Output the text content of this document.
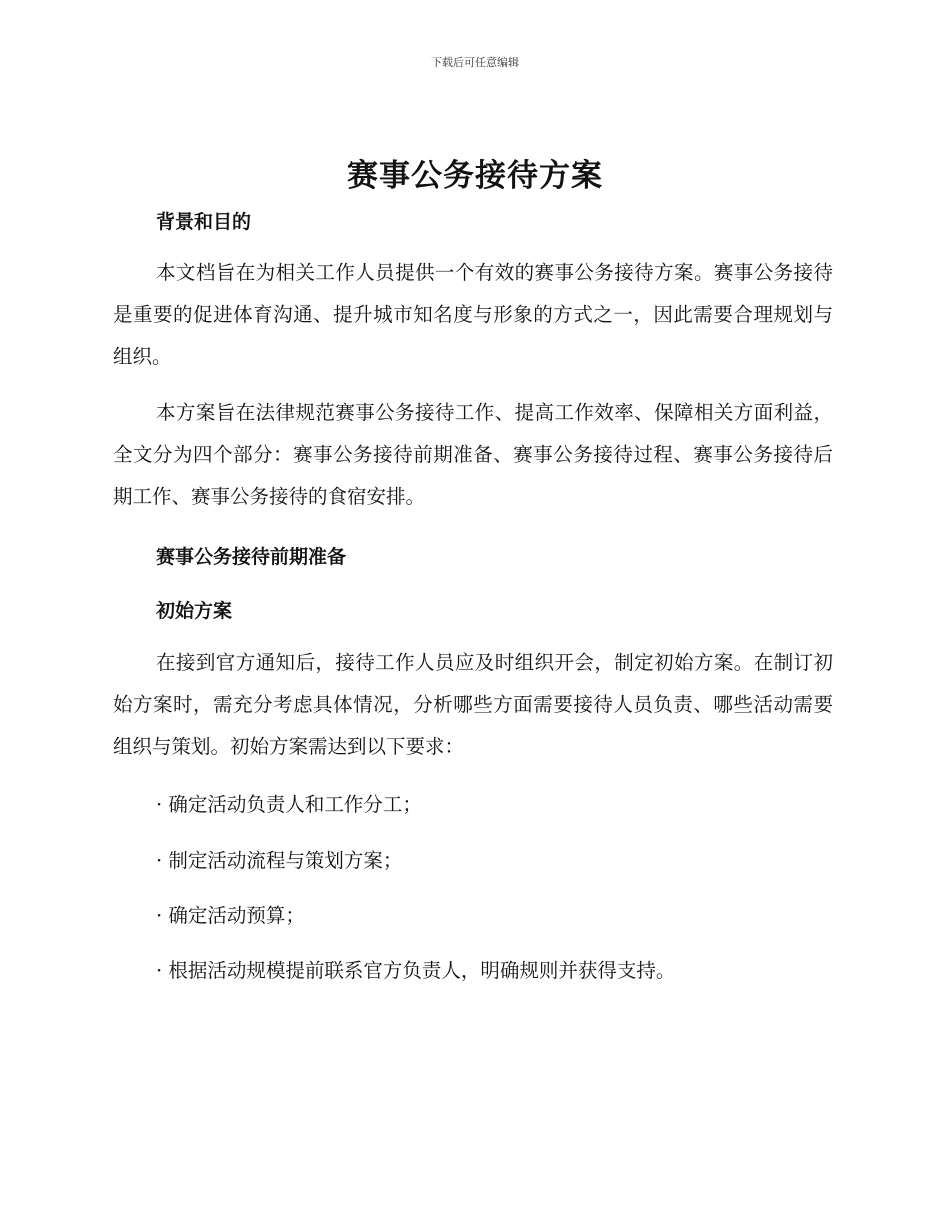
下载后可任意编辑
赛事公务接待方案
背景和目的

本文档旨在为相关工作人员提供一个有效的赛事公务接待方案。赛事公务接待是重要的促进体育沟通、提升城市知名度与形象的方式之一，因此需要合理规划与组织。

本方案旨在法律规范赛事公务接待工作、提高工作效率、保障相关方面利益，全文分为四个部分：赛事公务接待前期准备、赛事公务接待过程、赛事公务接待后期工作、赛事公务接待的食宿安排。

赛事公务接待前期准备
初始方案

在接到官方通知后，接待工作人员应及时组织开会，制定初始方案。在制订初始方案时，需充分考虑具体情况，分析哪些方面需要接待人员负责、哪些活动需要组织与策划。初始方案需达到以下要求：

· 确定活动负责人和工作分工；

· 制定活动流程与策划方案；

· 确定活动预算；

· 根据活动规模提前联系官方负责人，明确规则并获得支持。
